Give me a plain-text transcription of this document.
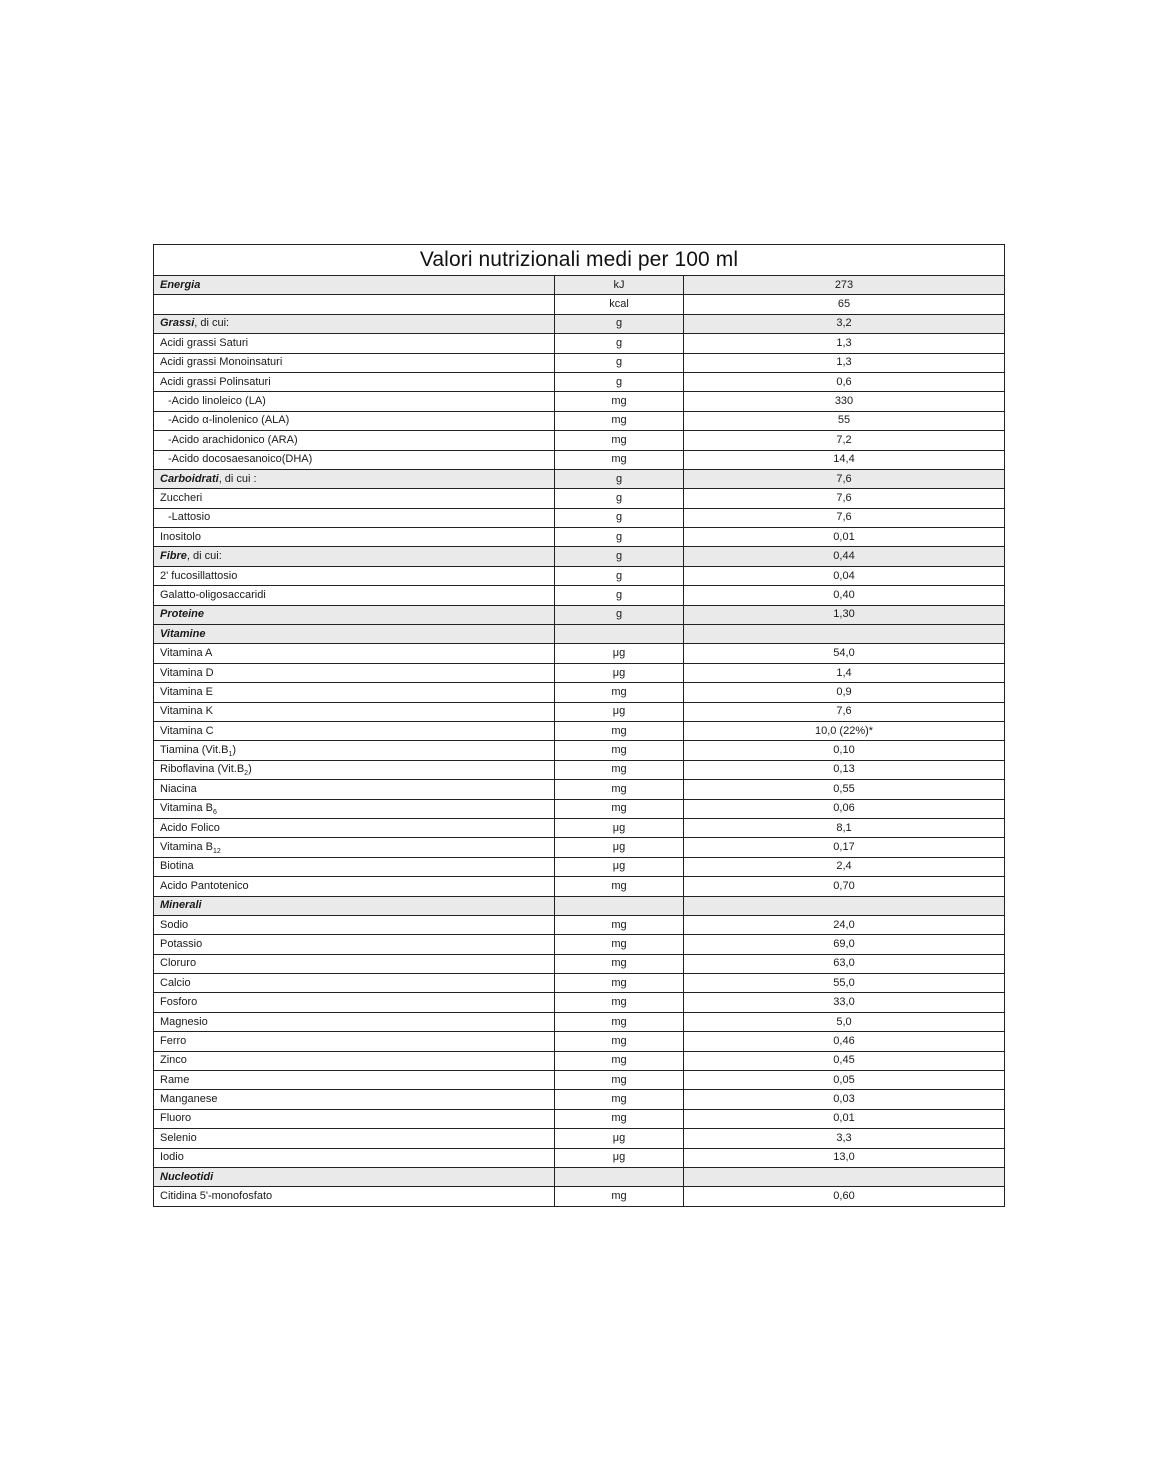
Valori nutrizionali medi per 100 ml		
Energia	kJ	273
	kcal	65
Grassi, di cui:	g	3,2
Acidi grassi Saturi	g	1,3
Acidi grassi Monoinsaturi	g	1,3
Acidi grassi Polinsaturi	g	0,6
-Acido linoleico (LA)	mg	330
-Acido α-linolenico (ALA)	mg	55
-Acido arachidonico (ARA)	mg	7,2
-Acido docosaesanoico(DHA)	mg	14,4
Carboidrati, di cui :	g	7,6
Zuccheri	g	7,6
-Lattosio	g	7,6
Inositolo	g	0,01
Fibre, di cui:	g	0,44
2' fucosillattosio	g	0,04
Galatto-oligosaccaridi	g	0,40
Proteine	g	1,30
Vitamine		
Vitamina A	μg	54,0
Vitamina D	μg	1,4
Vitamina E	mg	0,9
Vitamina K	μg	7,6
Vitamina C	mg	10,0 (22%)*
Tiamina $(Vit.B_1)$	mg	0,10
Riboflavina $(Vit.B_2)$	mg	0,13
Niacina	mg	0,55
Vitamina $B_6$	mg	0,06
Acido Folico	μg	8,1
Vitamina $B_{12}$	μg	0,17
Biotina	μg	2,4
Acido Pantotenico	mg	0,70
Minerali		
Sodio	mg	24,0
Potassio	mg	69,0
Cloruro	mg	63,0
Calcio	mg	55,0
Fosforo	mg	33,0
Magnesio	mg	5,0
Ferro	mg	0,46
Zinco	mg	0,45
Rame	mg	0,05
Manganese	mg	0,03
Fluoro	mg	0,01
Selenio	μg	3,3
Iodio	μg	13,0
Nucleotidi		
Citidina 5'-monofosfato	mg	0,60
